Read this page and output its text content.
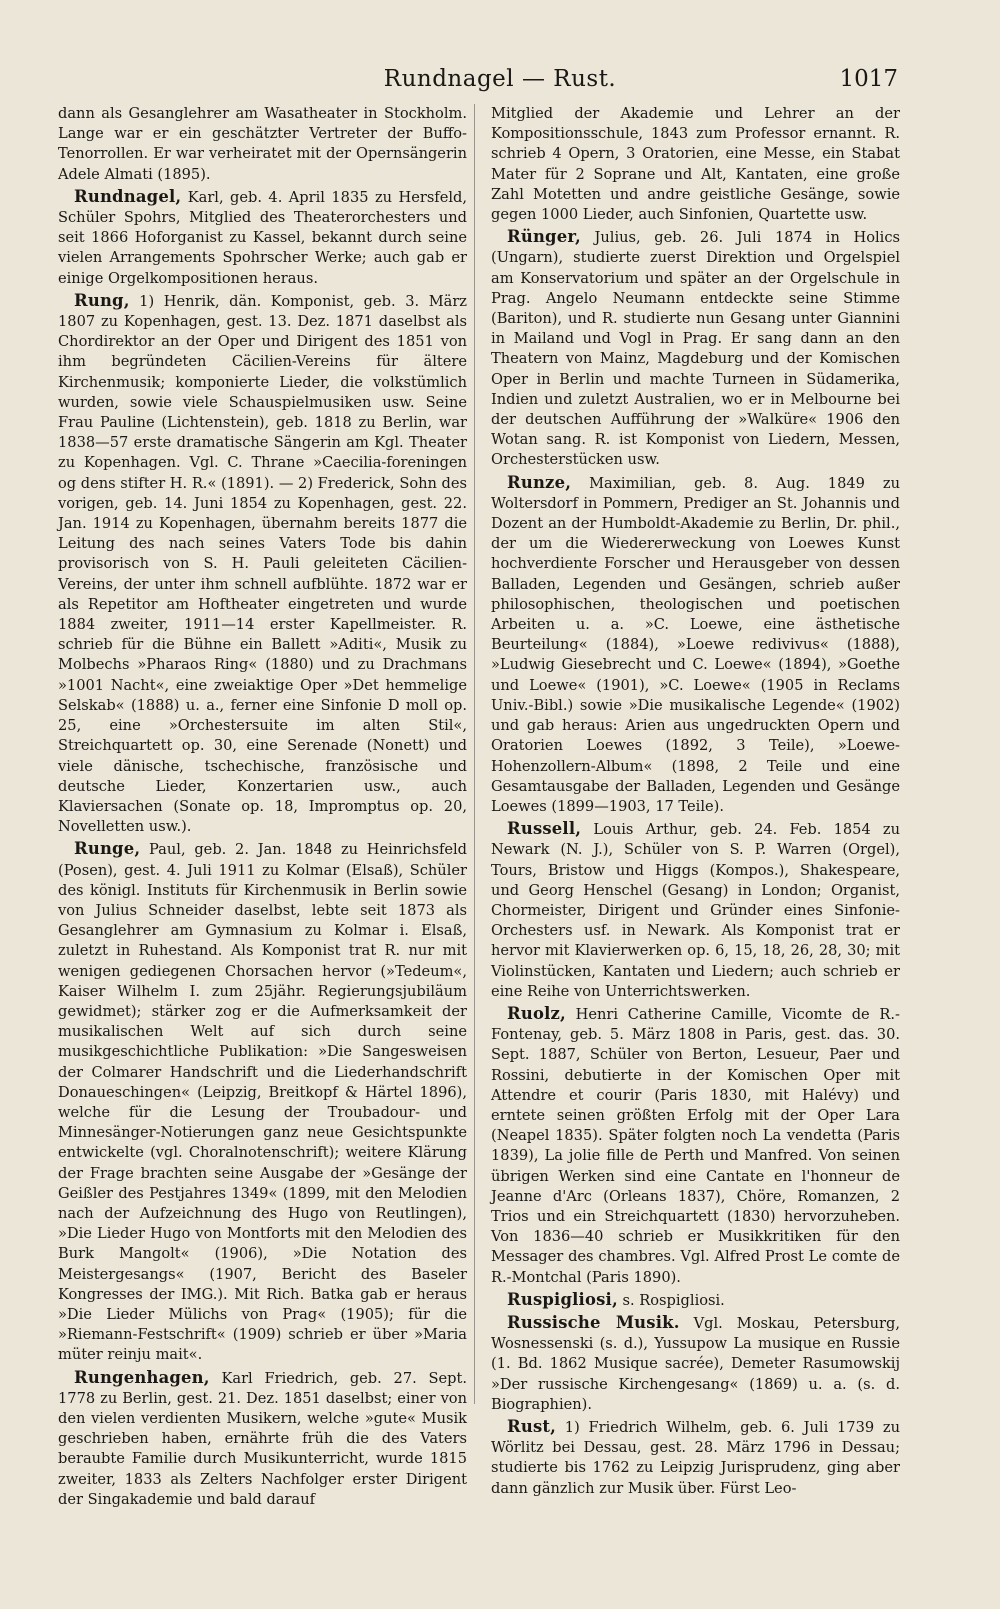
Rundnagel — Rust.	1017

dann als Gesanglehrer am Wasatheater in Stockholm. Lange war er ein geschätzter Vertreter der Buffo-Tenorrollen. Er war verheiratet mit der Opernsängerin Adele Almati (1895).

Rundnagel, Karl, geb. 4. April 1835 zu Hersfeld, Schüler Spohrs, Mitglied des Theaterorchesters und seit 1866 Hoforganist zu Kassel, bekannt durch seine vielen Arrangements Spohrscher Werke; auch gab er einige Orgelkompositionen heraus.

Rung, 1) Henrik, dän. Komponist, geb. 3. März 1807 zu Kopenhagen, gest. 13. Dez. 1871 daselbst als Chordirektor an der Oper und Dirigent des 1851 von ihm begründeten Cäcilien-Vereins für ältere Kirchenmusik; komponierte Lieder, die volkstümlich wurden, sowie viele Schauspielmusiken usw. Seine Frau Pauline (Lichtenstein), geb. 1818 zu Berlin, war 1838—57 erste dramatische Sängerin am Kgl. Theater zu Kopenhagen. Vgl. C. Thrane »Caecilia-foreningen og dens stifter H. R.« (1891). — 2) Frederick, Sohn des vorigen, geb. 14. Juni 1854 zu Kopenhagen, gest. 22. Jan. 1914 zu Kopenhagen, übernahm bereits 1877 die Leitung des nach seines Vaters Tode bis dahin provisorisch von S. H. Pauli geleiteten Cäcilien-Vereins, der unter ihm schnell aufblühte. 1872 war er als Repetitor am Hoftheater eingetreten und wurde 1884 zweiter, 1911—14 erster Kapellmeister. R. schrieb für die Bühne ein Ballett »Aditi«, Musik zu Molbechs »Pharaos Ring« (1880) und zu Drachmans »1001 Nacht«, eine zweiaktige Oper »Det hemmelige Selskab« (1888) u. a., ferner eine Sinfonie D moll op. 25, eine »Orchestersuite im alten Stil«, Streichquartett op. 30, eine Serenade (Nonett) und viele dänische, tschechische, französische und deutsche Lieder, Konzertarien usw., auch Klaviersachen (Sonate op. 18, Impromptus op. 20, Novelletten usw.).

Runge, Paul, geb. 2. Jan. 1848 zu Heinrichsfeld (Posen), gest. 4. Juli 1911 zu Kolmar (Elsaß), Schüler des königl. Instituts für Kirchenmusik in Berlin sowie von Julius Schneider daselbst, lebte seit 1873 als Gesanglehrer am Gymnasium zu Kolmar i. Elsaß, zuletzt in Ruhestand. Als Komponist trat R. nur mit wenigen gediegenen Chorsachen hervor (»Tedeum«, Kaiser Wilhelm I. zum 25jähr. Regierungsjubiläum gewidmet); stärker zog er die Aufmerksamkeit der musikalischen Welt auf sich durch seine musikgeschichtliche Publikation: »Die Sangesweisen der Colmarer Handschrift und die Liederhandschrift Donaueschingen« (Leipzig, Breitkopf & Härtel 1896), welche für die Lesung der Troubadour- und Minnesänger-Notierungen ganz neue Gesichtspunkte entwickelte (vgl. Choralnotenschrift); weitere Klärung der Frage brachten seine Ausgabe der »Gesänge der Geißler des Pestjahres 1349« (1899, mit den Melodien nach der Aufzeichnung des Hugo von Reutlingen), »Die Lieder Hugo von Montforts mit den Melodien des Burk Mangolt« (1906), »Die Notation des Meistergesangs« (1907, Bericht des Baseler Kongresses der IMG.). Mit Rich. Batka gab er heraus »Die Lieder Mülichs von Prag« (1905); für die »Riemann-Festschrift« (1909) schrieb er über »Maria müter reinju mait«.

Rungenhagen, Karl Friedrich, geb. 27. Sept. 1778 zu Berlin, gest. 21. Dez. 1851 daselbst; einer von den vielen verdienten Musikern, welche »gute« Musik geschrieben haben, ernährte früh die des Vaters beraubte Familie durch Musikunterricht, wurde 1815 zweiter, 1833 als Zelters Nachfolger erster Dirigent der Singakademie und bald darauf

Mitglied der Akademie und Lehrer an der Kompositionsschule, 1843 zum Professor ernannt. R. schrieb 4 Opern, 3 Oratorien, eine Messe, ein Stabat Mater für 2 Soprane und Alt, Kantaten, eine große Zahl Motetten und andre geistliche Gesänge, sowie gegen 1000 Lieder, auch Sinfonien, Quartette usw.

Rünger, Julius, geb. 26. Juli 1874 in Holics (Ungarn), studierte zuerst Direktion und Orgelspiel am Konservatorium und später an der Orgelschule in Prag. Angelo Neumann entdeckte seine Stimme (Bariton), und R. studierte nun Gesang unter Giannini in Mailand und Vogl in Prag. Er sang dann an den Theatern von Mainz, Magdeburg und der Komischen Oper in Berlin und machte Turneen in Südamerika, Indien und zuletzt Australien, wo er in Melbourne bei der deutschen Aufführung der »Walküre« 1906 den Wotan sang. R. ist Komponist von Liedern, Messen, Orchesterstücken usw.

Runze, Maximilian, geb. 8. Aug. 1849 zu Woltersdorf in Pommern, Prediger an St. Johannis und Dozent an der Humboldt-Akademie zu Berlin, Dr. phil., der um die Wiedererweckung von Loewes Kunst hochverdiente Forscher und Herausgeber von dessen Balladen, Legenden und Gesängen, schrieb außer philosophischen, theologischen und poetischen Arbeiten u. a. »C. Loewe, eine ästhetische Beurteilung« (1884), »Loewe redivivus« (1888), »Ludwig Giesebrecht und C. Loewe« (1894), »Goethe und Loewe« (1901), »C. Loewe« (1905 in Reclams Univ.-Bibl.) sowie »Die musikalische Legende« (1902) und gab heraus: Arien aus ungedruckten Opern und Oratorien Loewes (1892, 3 Teile), »Loewe-Hohenzollern-Album« (1898, 2 Teile und eine Gesamtausgabe der Balladen, Legenden und Gesänge Loewes (1899—1903, 17 Teile).

Russell, Louis Arthur, geb. 24. Feb. 1854 zu Newark (N. J.), Schüler von S. P. Warren (Orgel), Tours, Bristow und Higgs (Kompos.), Shakespeare, und Georg Henschel (Gesang) in London; Organist, Chormeister, Dirigent und Gründer eines Sinfonie-Orchesters usf. in Newark. Als Komponist trat er hervor mit Klavierwerken op. 6, 15, 18, 26, 28, 30; mit Violinstücken, Kantaten und Liedern; auch schrieb er eine Reihe von Unterrichtswerken.

Ruolz, Henri Catherine Camille, Vicomte de R.-Fontenay, geb. 5. März 1808 in Paris, gest. das. 30. Sept. 1887, Schüler von Berton, Lesueur, Paer und Rossini, debutierte in der Komischen Oper mit Attendre et courir (Paris 1830, mit Halévy) und erntete seinen größten Erfolg mit der Oper Lara (Neapel 1835). Später folgten noch La vendetta (Paris 1839), La jolie fille de Perth und Manfred. Von seinen übrigen Werken sind eine Cantate en l'honneur de Jeanne d'Arc (Orleans 1837), Chöre, Romanzen, 2 Trios und ein Streichquartett (1830) hervorzuheben. Von 1836—40 schrieb er Musikkritiken für den Messager des chambres. Vgl. Alfred Prost Le comte de R.-Montchal (Paris 1890).

Ruspigliosi, s. Rospigliosi.

Russische Musik. Vgl. Moskau, Petersburg, Wosnessenski (s. d.), Yussupow La musique en Russie (1. Bd. 1862 Musique sacrée), Demeter Rasumowskij »Der russische Kirchengesang« (1869) u. a. (s. d. Biographien).

Rust, 1) Friedrich Wilhelm, geb. 6. Juli 1739 zu Wörlitz bei Dessau, gest. 28. März 1796 in Dessau; studierte bis 1762 zu Leipzig Jurisprudenz, ging aber dann gänzlich zur Musik über. Fürst Leo-
